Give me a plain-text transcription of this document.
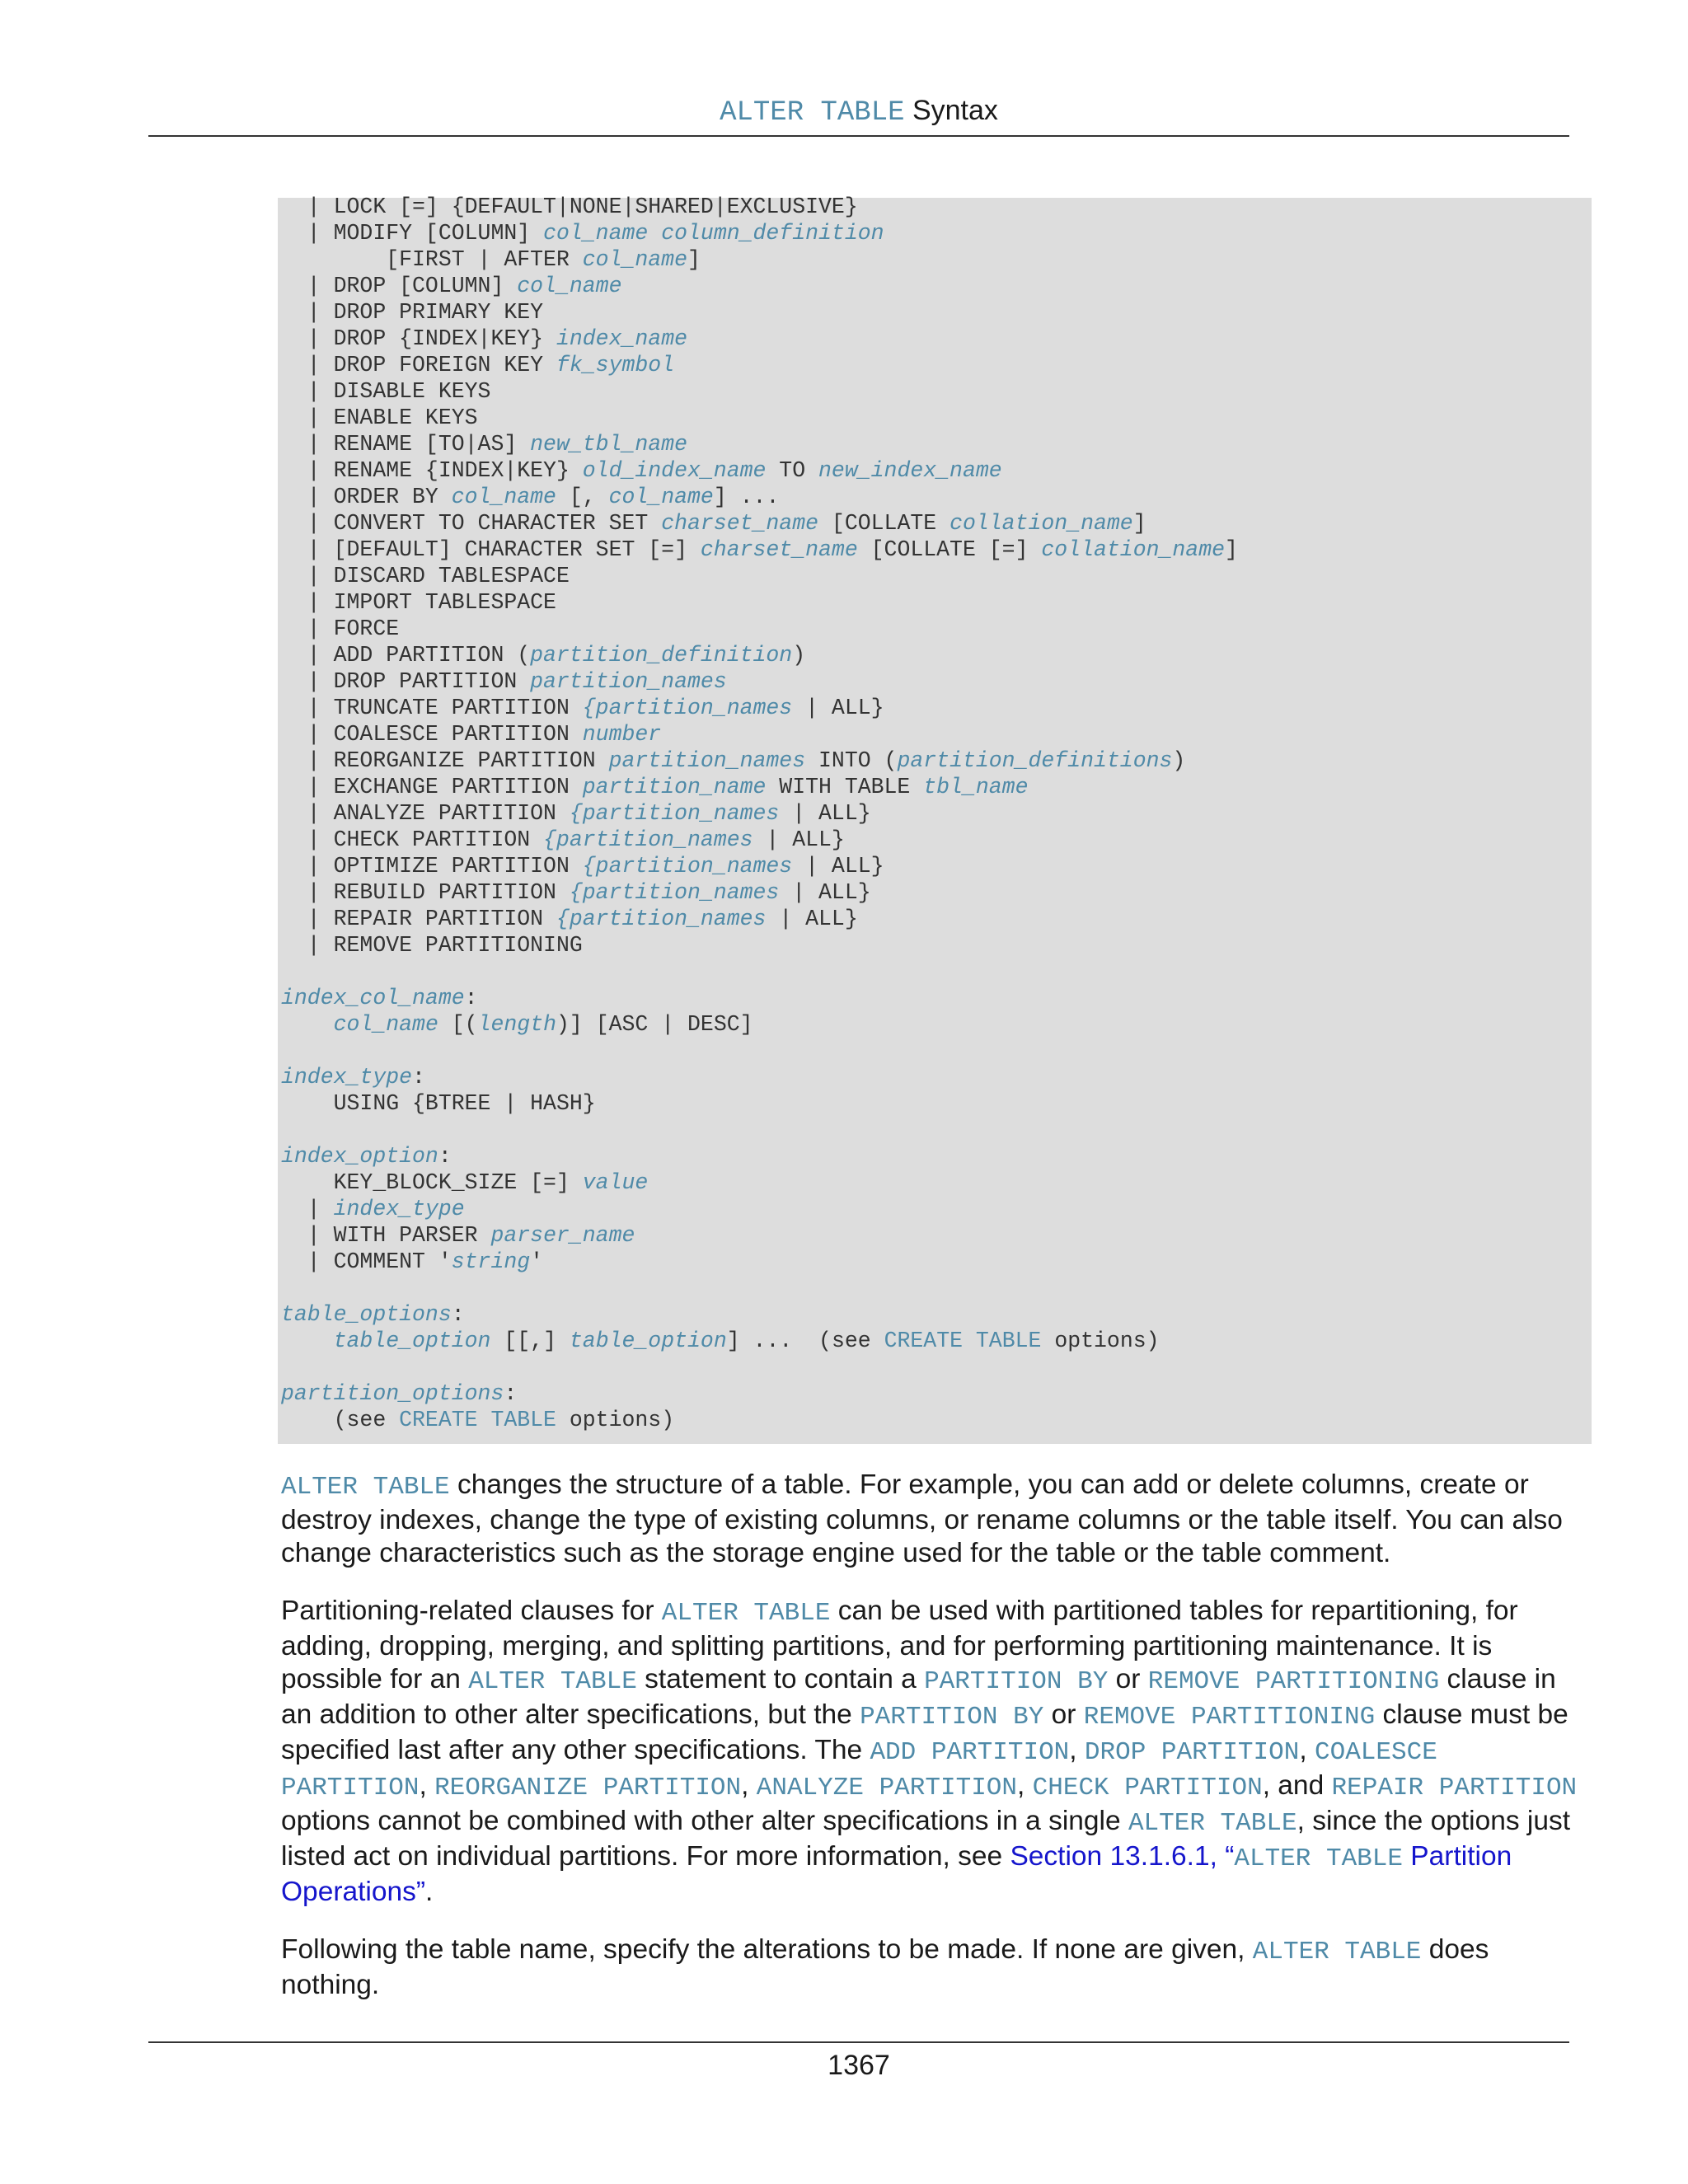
ALTER TABLE Syntax
| LOCK [=] {DEFAULT|NONE|SHARED|EXCLUSIVE}
| MODIFY [COLUMN] col_name column_definition
[FIRST | AFTER col_name]
| DROP [COLUMN] col_name
| DROP PRIMARY KEY
| DROP {INDEX|KEY} index_name
| DROP FOREIGN KEY fk_symbol
| DISABLE KEYS
| ENABLE KEYS
| RENAME [TO|AS] new_tbl_name
| RENAME {INDEX|KEY} old_index_name TO new_index_name
| ORDER BY col_name [, col_name] ...
| CONVERT TO CHARACTER SET charset_name [COLLATE collation_name]
| [DEFAULT] CHARACTER SET [=] charset_name [COLLATE [=] collation_name]
| DISCARD TABLESPACE
| IMPORT TABLESPACE
| FORCE
| ADD PARTITION (partition_definition)
| DROP PARTITION partition_names
| TRUNCATE PARTITION {partition_names | ALL}
| COALESCE PARTITION number
| REORGANIZE PARTITION partition_names INTO (partition_definitions)
| EXCHANGE PARTITION partition_name WITH TABLE tbl_name
| ANALYZE PARTITION {partition_names | ALL}
| CHECK PARTITION {partition_names | ALL}
| OPTIMIZE PARTITION {partition_names | ALL}
| REBUILD PARTITION {partition_names | ALL}
| REPAIR PARTITION {partition_names | ALL}
| REMOVE PARTITIONING

index_col_name:
col_name [(length)] [ASC | DESC]

index_type:
USING {BTREE | HASH}

index_option:
KEY_BLOCK_SIZE [=] value
| index_type
| WITH PARSER parser_name
| COMMENT 'string'

table_options:
table_option [[,] table_option] ...  (see CREATE TABLE options)

partition_options:
(see CREATE TABLE options)

ALTER TABLE changes the structure of a table. For example, you can add or delete columns, create or destroy indexes, change the type of existing columns, or rename columns or the table itself. You can also change characteristics such as the storage engine used for the table or the table comment.

Partitioning-related clauses for ALTER TABLE can be used with partitioned tables for repartitioning, for adding, dropping, merging, and splitting partitions, and for performing partitioning maintenance. It is possible for an ALTER TABLE statement to contain a PARTITION BY or REMOVE PARTITIONING clause in an addition to other alter specifications, but the PARTITION BY or REMOVE PARTITIONING clause must be specified last after any other specifications. The ADD PARTITION, DROP PARTITION, COALESCE PARTITION, REORGANIZE PARTITION, ANALYZE PARTITION, CHECK PARTITION, and REPAIR PARTITION options cannot be combined with other alter specifications in a single ALTER TABLE, since the options just listed act on individual partitions. For more information, see Section 13.1.6.1, “ALTER TABLE Partition Operations”.

Following the table name, specify the alterations to be made. If none are given, ALTER TABLE does nothing.

1367
